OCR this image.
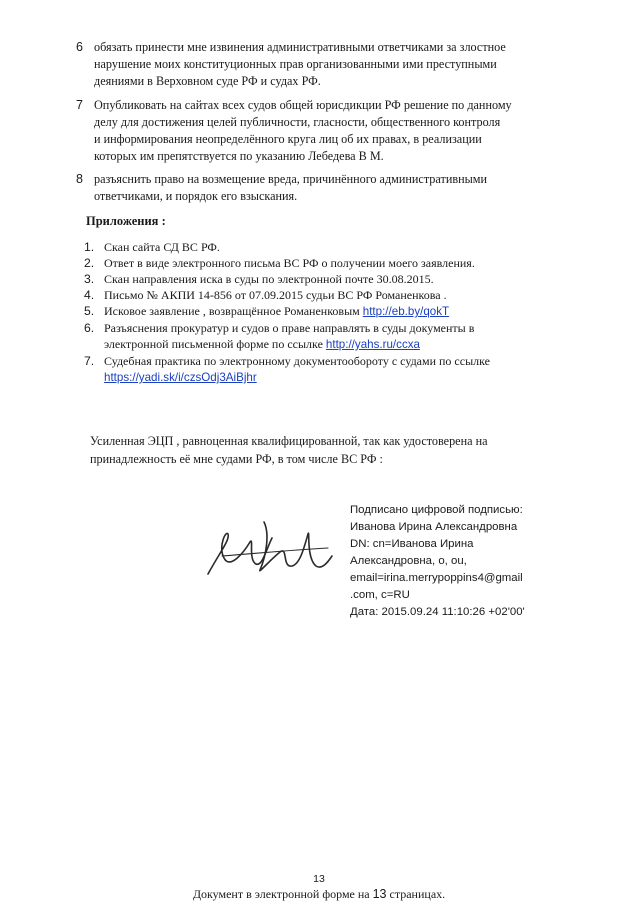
6 обязать принести мне извинения административными ответчиками за злостное
нарушение моих конституционных прав организованными ими преступными
деяниями в Верховном суде РФ и судах РФ.
7 Опубликовать на сайтах всех судов общей юрисдикции РФ решение по данному
делу для достижения целей публичности, гласности, общественного контроля
и информирования неопределённого круга лиц об их правах, в реализации
которых им препятствуется по указанию Лебедева В М.
8 разъяснить право на возмещение вреда, причинённого административными
ответчиками, и порядок его взыскания.
Приложения :
1. Скан сайта СД ВС РФ.
2. Ответ в виде электронного письма ВС РФ о получении моего заявления.
3. Скан направления иска в суды по электронной почте 30.08.2015.
4. Письмо № АКПИ 14-856 от 07.09.2015 судьи ВС РФ Романенкова .
5. Исковое заявление , возвращённое Романенковым http://eb.by/qokT
6. Разъяснения прокуратур и судов о праве направлять в суды документы в
электронной письменной форме по ссылке http://yahs.ru/ccxa
7. Судебная практика по электронному документообороту с судами по ссылке
https://yadi.sk/i/czsOdj3AiBjhr
Усиленная ЭЦП , равноценная квалифицированной, так как удостоверена на
принадлежность её мне судами РФ, в том числе ВС РФ :
Подписано цифровой подписью:
Иванова Ирина Александровна
DN: cn=Иванова Ирина
Александровна, o, ou,
email=irina.merrypoppins4@gmail
.com, c=RU
Дата: 2015.09.24 11:10:26 +02'00'
13
Документ в электронной форме на 13 страницах.
